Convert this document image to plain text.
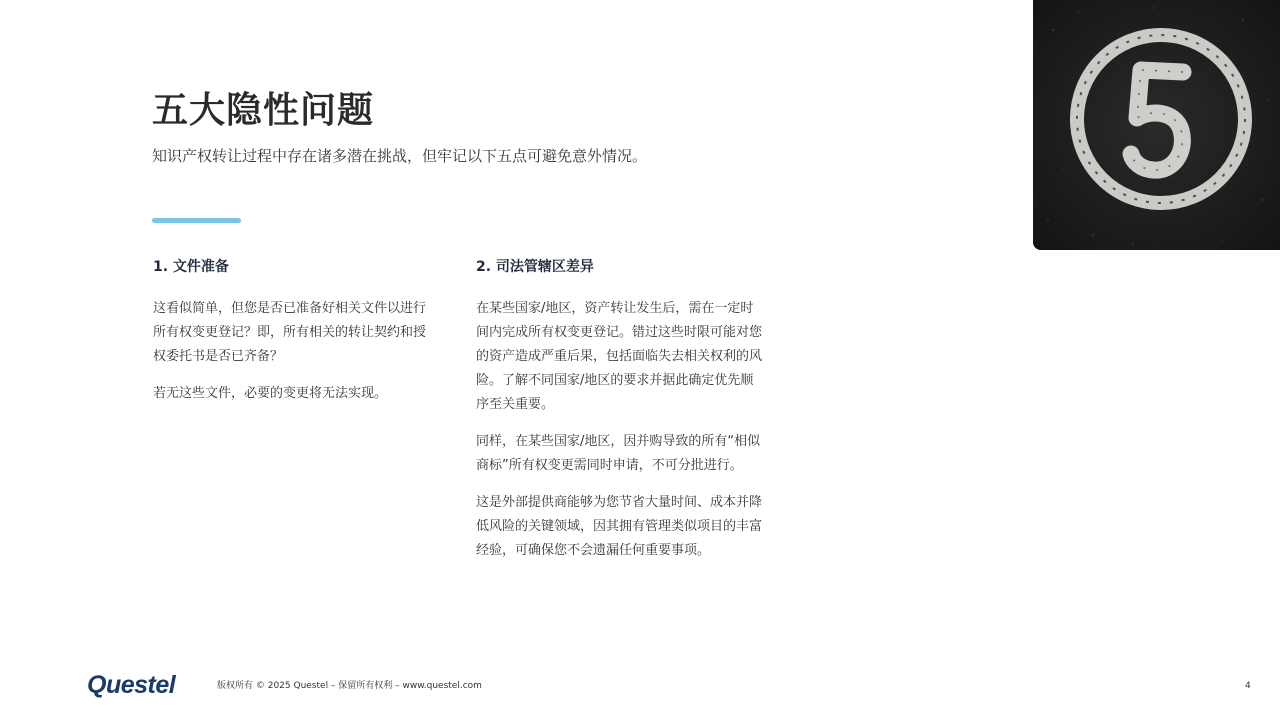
五大隐性问题
知识产权转让过程中存在诸多潜在挑战，但牢记以下五点可避免意外情况。
1. 文件准备

这看似简单，但您是否已准备好相关文件以进行所有权变更登记？即，所有相关的转让契约和授权委托书是否已齐备？

若无这些文件，必要的变更将无法实现。

2. 司法管辖区差异

在某些国家/地区，资产转让发生后，需在一定时间内完成所有权变更登记。错过这些时限可能对您的资产造成严重后果，包括面临失去相关权利的风险。了解不同国家/地区的要求并据此确定优先顺序至关重要。

同样，在某些国家/地区，因并购导致的所有“相似商标”所有权变更需同时申请，不可分批进行。

这是外部提供商能够为您节省大量时间、成本并降低风险的关键领域，因其拥有管理类似项目的丰富经验，可确保您不会遗漏任何重要事项。

Questel	版权所有 © 2025 Questel – 保留所有权利 – www.questel.com	4
